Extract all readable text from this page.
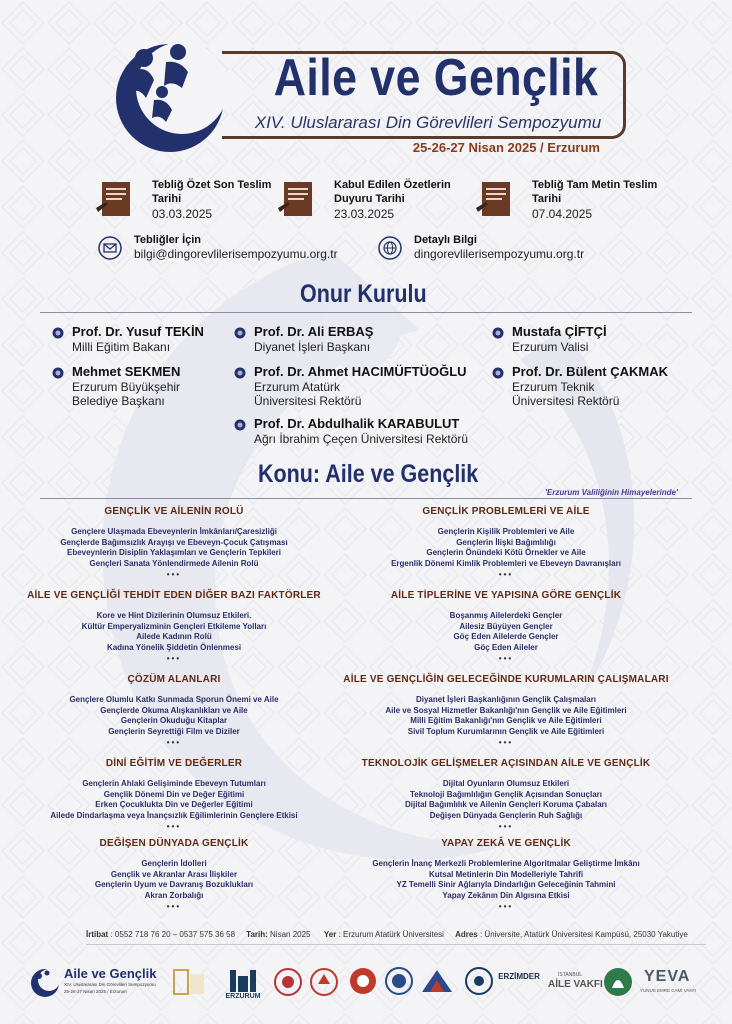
Aile ve Gençlik
XIV. Uluslararası Din Görevlileri Sempozyumu
25-26-27 Nisan 2025 / Erzurum
Tebliğ Özet Son Teslim Tarihi
03.03.2025
Kabul Edilen Özetlerin Duyuru Tarihi
23.03.2025
Tebliğ Tam Metin Teslim Tarihi
07.04.2025
Tebliğler İçin
bilgi@dingorevlilerisempozyumu.org.tr
Detaylı Bilgi
dingorevlilerisempozyumu.org.tr
Onur Kurulu
Prof. Dr. Yusuf TEKİN
Milli Eğitim Bakanı
Prof. Dr. Ali ERBAŞ
Diyanet İşleri Başkanı
Mustafa ÇİFTÇİ
Erzurum Valisi
Mehmet SEKMEN
Erzurum Büyükşehir Belediye Başkanı
Prof. Dr. Ahmet HACIMÜFTÜOĞLU
Erzurum Atatürk Üniversitesi Rektörü
Prof. Dr. Bülent ÇAKMAK
Erzurum Teknik Üniversitesi Rektörü
Prof. Dr. Abdulhalik KARABULUT
Ağrı İbrahim Çeçen Üniversitesi Rektörü
Konu: Aile ve Gençlik
'Erzurum Valiliğinin Himayelerinde'
GENÇLİK VE AİLENİN ROLÜ
Gençlere Ulaşmada Ebeveynlerin İmkânları/Çaresizliği
Gençlerde Bağımsızlık Arayışı ve Ebeveyn-Çocuk Çatışması
Ebeveynlerin Disiplin Yaklaşımları ve Gençlerin Tepkileri
Gençleri Sanata Yönlendirmede Ailenin Rolü
•••
AİLE VE GENÇLİĞİ TEHDİT EDEN DİĞER BAZI FAKTÖRLER
Kore ve Hint Dizilerinin Olumsuz Etkileri.
Kültür Emperyalizminin Gençleri Etkileme Yolları
Ailede Kadının Rolü
Kadına Yönelik Şiddetin Önlenmesi
•••
ÇÖZÜM ALANLARI
Gençlere Olumlu Katkı Sunmada Sporun Önemi ve Aile
Gençlerde Okuma Alışkanlıkları ve Aile
Gençlerin Okuduğu Kitaplar
Gençlerin Seyrettiği Film ve Diziler
•••
DİNİ EĞİTİM VE DEĞERLER
Gençlerin Ahlaki Gelişiminde Ebeveyn Tutumları
Gençlik Dönemi Din ve Değer Eğitimi
Erken Çocuklukta Din ve Değerler Eğitimi
Ailede Dindarlaşma veya İnançsızlık Eğilimlerinin Gençlere Etkisi
•••
DEĞİŞEN DÜNYADA GENÇLİK
Gençlerin İdolleri
Gençlik ve Akranlar Arası İlişkiler
Gençlerin Uyum ve Davranış Bozuklukları
Akran Zorbalığı
•••
GENÇLİK PROBLEMLERİ VE AİLE
Gençlerin Kişilik Problemleri ve Aile
Gençlerin İlişki Bağımlılığı
Gençlerin Önündeki Kötü Örnekler ve Aile
Ergenlik Dönemi Kimlik Problemleri ve Ebeveyn Davranışları
•••
AİLE TİPLERİNE VE YAPISINA GÖRE GENÇLİK
Boşanmış Ailelerdeki Gençler
Ailesiz Büyüyen Gençler
Göç Eden Ailelerde Gençler
Göç Eden Aileler
•••
AİLE VE GENÇLİĞİN GELECEĞİNDE KURUMLARIN ÇALIŞMALARI
Diyanet İşleri Başkanlığının Gençlik Çalışmaları
Aile ve Sosyal Hizmetler Bakanlığı'nın Gençlik ve Aile Eğitimleri
Milli Eğitim Bakanlığı'nın Gençlik ve Aile Eğitimleri
Sivil Toplum Kurumlarının Gençlik ve Aile Eğitimleri
•••
TEKNOLOJİK GELİŞMELER AÇISINDAN AİLE VE GENÇLİK
Dijital Oyunların Olumsuz Etkileri
Teknoloji Bağımlılığın Gençlik Açısından Sonuçları
Dijital Bağımlılık ve Ailenin Gençleri Koruma Çabaları
Değişen Dünyada Gençlerin Ruh Sağlığı
•••
YAPAY ZEKÂ VE GENÇLİK
Gençlerin İnanç Merkezli Problemlerine Algoritmalar Geliştirme İmkânı
Kutsal Metinlerin Din Modelleriyle Tahrifi
YZ Temelli Sinir Ağlarıyla Dindarlığın Geleceğinin Tahmini
Yapay Zekânın Din Algısına Etkisi
•••
İrtibat : 0552 718 76 20 – 0537 575 36 58 Tarih: Nisan 2025 Yer : Erzurum Atatürk Üniversitesi Adres : Üniversite, Atatürk Üniversitesi Kampüsü, 25030 Yakutiye
Aile ve Gençlik
XIV. Uluslararası Din Görevlileri Sempozyumu
25-26-27 Nisan 2025 / Erzurum
ERZURUM
ERZİMDER	İSTANBUL
AİLE VAKFI	YEVA
YUNUS EMRE CAMİ VAKFI
